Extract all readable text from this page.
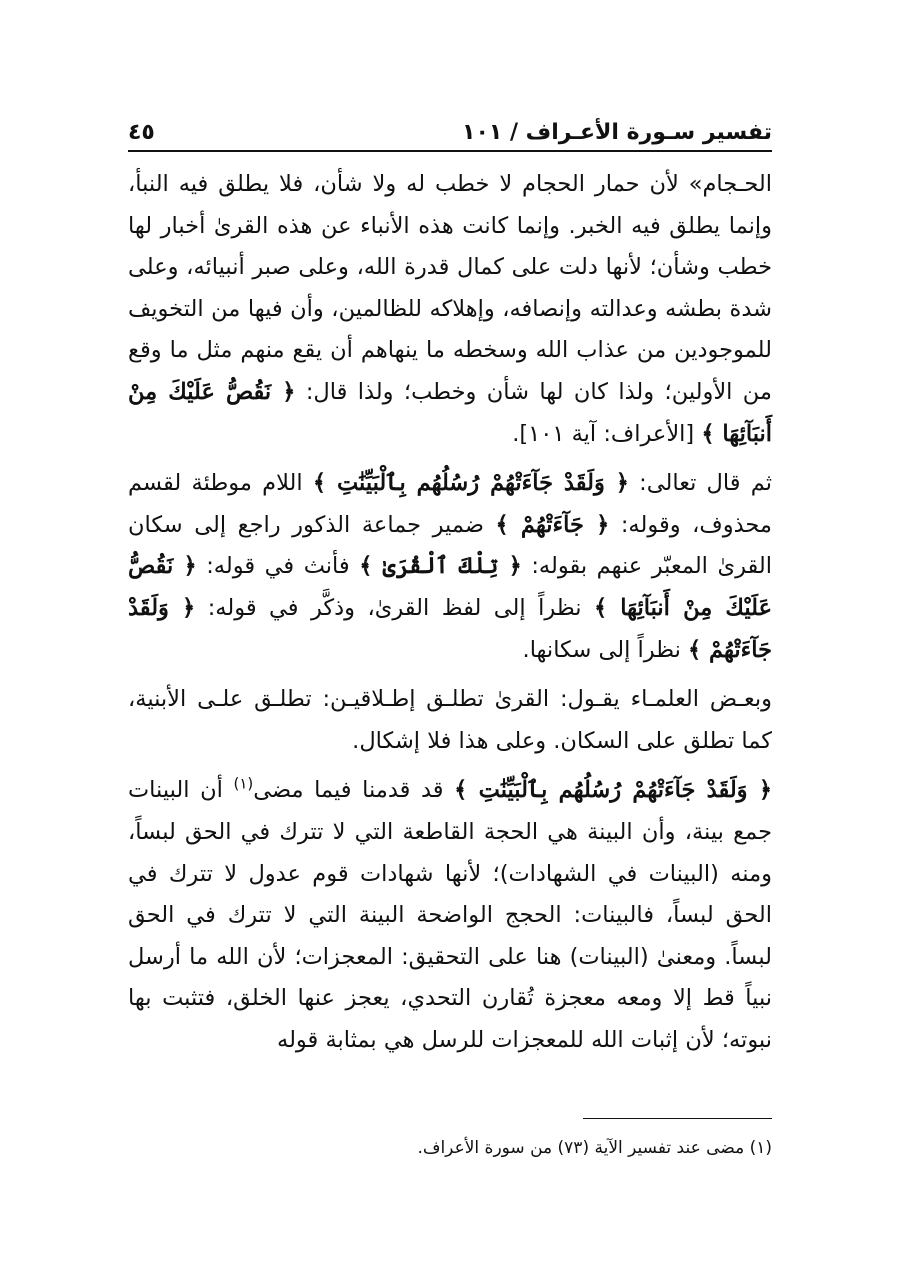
تفسير سـورة الأعـراف / ١٠١
٤٥

الحـجام» لأن حمار الحجام لا خطب له ولا شأن، فلا يطلق فيه النبأ، وإنما يطلق فيه الخبر. وإنما كانت هذه الأنباء عن هذه القرىٰ أخبار لها خطب وشأن؛ لأنها دلت على كمال قدرة الله، وعلى صبر أنبيائه، وعلى شدة بطشه وعدالته وإنصافه، وإهلاكه للظالمين، وأن فيها من التخويف للموجودين من عذاب الله وسخطه ما ينهاهم أن يقع منهم مثل ما وقع من الأولين؛ ولذا كان لها شأن وخطب؛ ولذا قال: ﴿ نَقُصُّ عَلَيْكَ مِنْ أَنبَآئِهَا ﴾ [الأعراف: آية ١٠١].

ثم قال تعالى: ﴿ وَلَقَدْ جَآءَتْهُمْ رُسُلُهُم بِٱلْبَيِّنَٰتِ ﴾ اللام موطئة لقسم محذوف، وقوله: ﴿ جَآءَتْهُمْ ﴾ ضمير جماعة الذكور راجع إلى سكان القرىٰ المعبّر عنهم بقوله: ﴿ تِلْكَ ٱلْقُرَىٰ ﴾ فأنث في قوله: ﴿ نَقُصُّ عَلَيْكَ مِنْ أَنبَآئِهَا ﴾ نظراً إلى لفظ القرىٰ، وذكَّر في قوله: ﴿ وَلَقَدْ جَآءَتْهُمْ ﴾ نظراً إلى سكانها.

وبعـض العلمـاء يقـول: القرىٰ تطلـق إطـلاقيـن: تطلـق علـى الأبنية، كما تطلق على السكان. وعلى هذا فلا إشكال.

﴿ وَلَقَدْ جَآءَتْهُمْ رُسُلُهُم بِٱلْبَيِّنَٰتِ ﴾ قد قدمنا فيما مضى$^{(١)}$ أن البينات جمع بينة، وأن البينة هي الحجة القاطعة التي لا تترك في الحق لبساً، ومنه (البينات في الشهادات)؛ لأنها شهادات قوم عدول لا تترك في الحق لبساً، فالبينات: الحجج الواضحة البينة التي لا تترك في الحق لبساً. ومعنىٰ (البينات) هنا على التحقيق: المعجزات؛ لأن الله ما أرسل نبياً قط إلا ومعه معجزة تُقارن التحدي، يعجز عنها الخلق، فتثبت بها نبوته؛ لأن إثبات الله للمعجزات للرسل هي بمثابة قوله

(١) مضى عند تفسير الآية (٧٣) من سورة الأعراف.
